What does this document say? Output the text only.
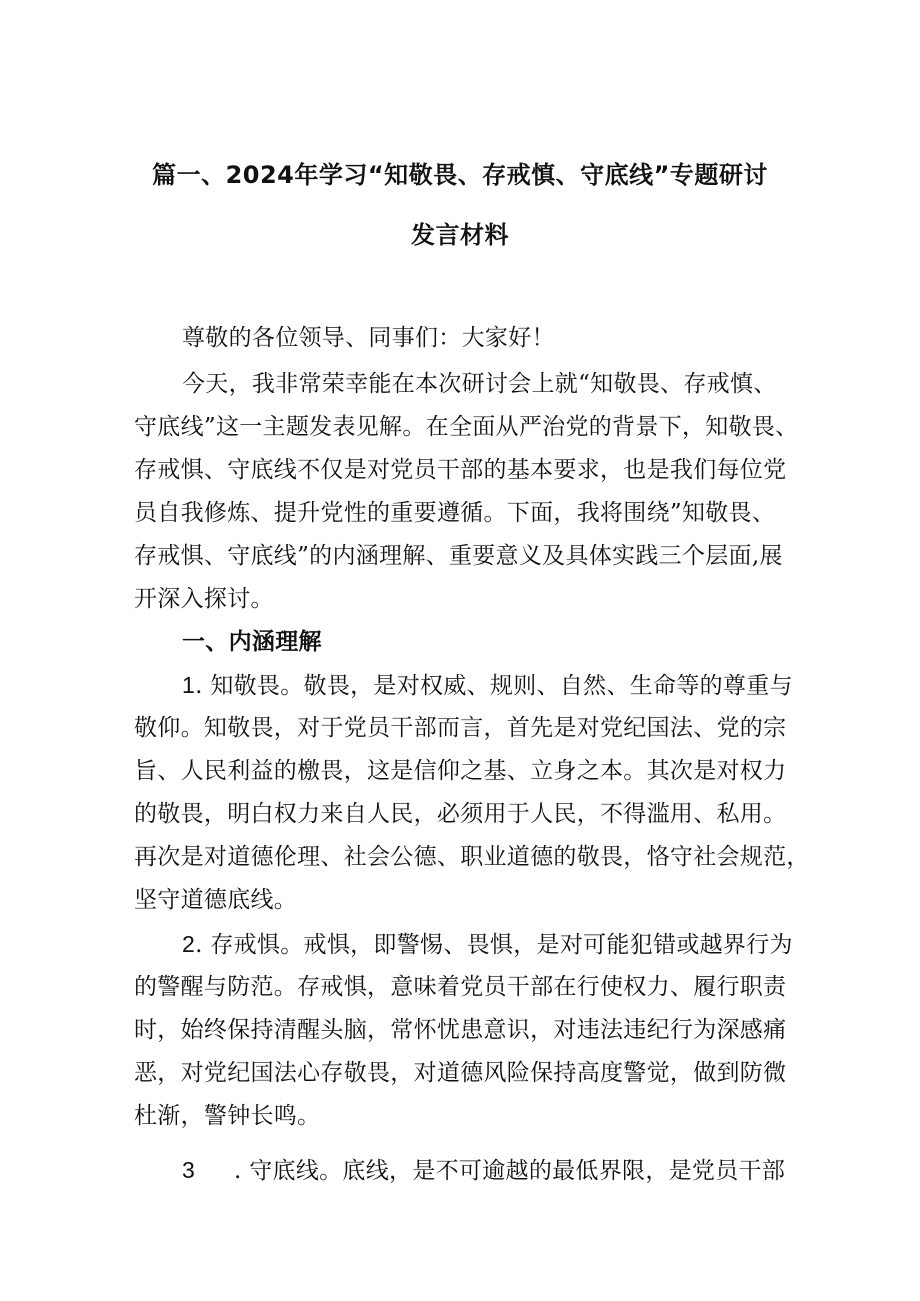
篇一、2024年学习“知敬畏、存戒慎、守底线”专题研讨
发言材料
尊敬的各位领导、同事们：大家好！
今天，我非常荣幸能在本次研讨会上就“知敬畏、存戒慎、
守底线”这一主题发表见解。在全面从严治党的背景下，知敬畏、
存戒惧、守底线不仅是对党员干部的基本要求，也是我们每位党
员自我修炼、提升党性的重要遵循。下面，我将围绕”知敬畏、
存戒惧、守底线”的内涵理解、重要意义及具体实践三个层面,展
开深入探讨。
一、内涵理解
1. 知敬畏。敬畏，是对权威、规则、自然、生命等的尊重与
敬仰。知敬畏，对于党员干部而言，首先是对党纪国法、党的宗
旨、人民利益的檄畏，这是信仰之基、立身之本。其次是对权力
的敬畏，明白权力来自人民，必须用于人民，不得滥用、私用。
再次是对道德伦理、社会公德、职业道德的敬畏，恪守社会规范，
坚守道德底线。
2. 存戒惧。戒惧，即警惕、畏惧，是对可能犯错或越界行为
的警醒与防范。存戒惧，意味着党员干部在行使权力、履行职责
时，始终保持清醒头脑，常怀忧患意识，对违法违纪行为深感痛
恶，对党纪国法心存敬畏，对道德风险保持高度警觉，做到防微
杜渐，警钟长鸣。
3 . 守底线。底线，是不可逾越的最低界限，是党员干部
